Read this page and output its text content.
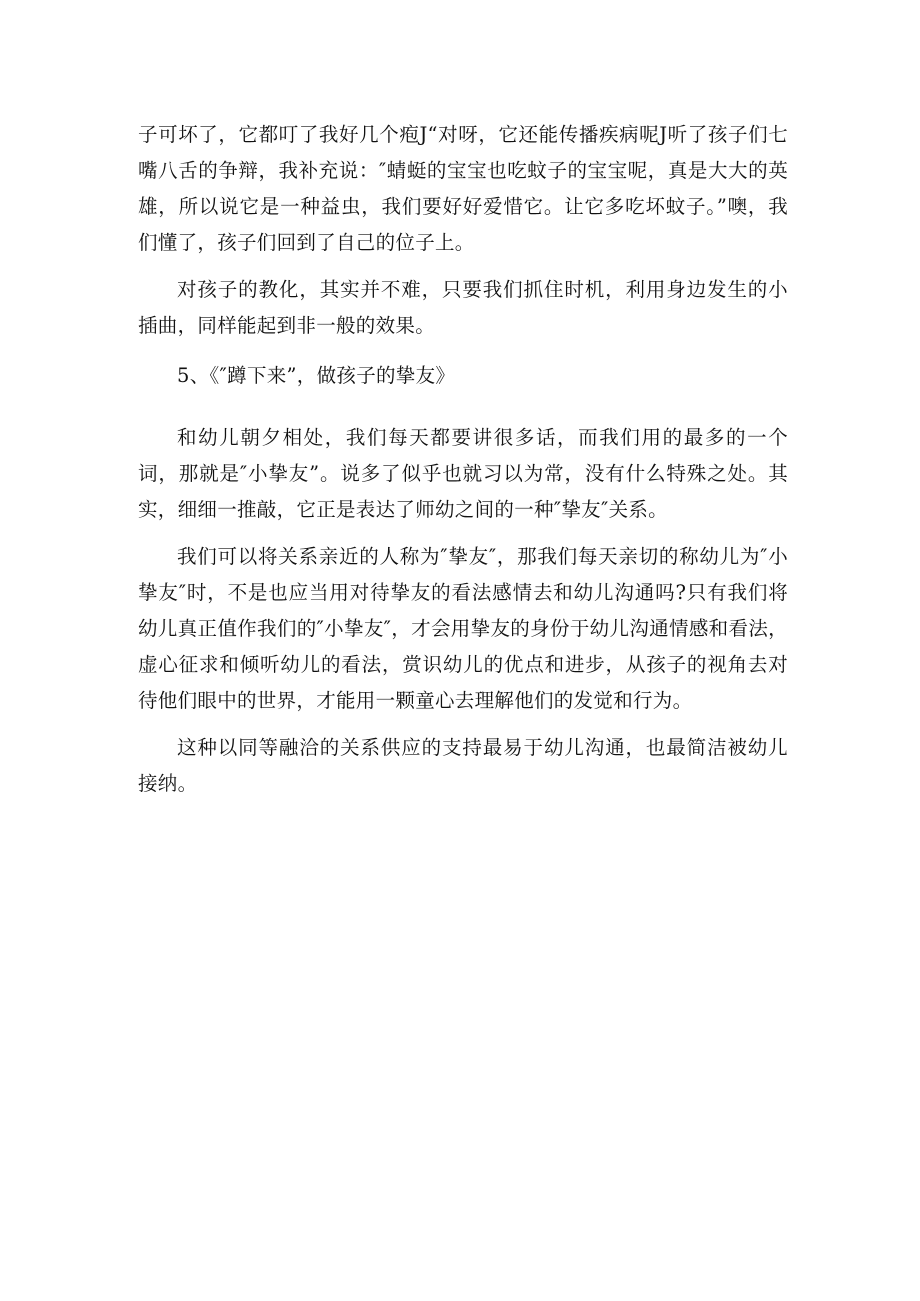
子可坏了，它都叮了我好几个疱J“对呀，它还能传播疾病呢J听了孩子们七嘴八舌的争辩，我补充说：″蜻蜓的宝宝也吃蚊子的宝宝呢，真是大大的英雄，所以说它是一种益虫，我们要好好爱惜它。让它多吃坏蚊子。”噢，我们懂了，孩子们回到了自己的位子上。

对孩子的教化，其实并不难，只要我们抓住时机，利用身边发生的小插曲，同样能起到非一般的效果。

5、《″蹲下来”，做孩子的挚友》

和幼儿朝夕相处，我们每天都要讲很多话，而我们用的最多的一个词，那就是″小挚友”。说多了似乎也就习以为常，没有什么特殊之处。其实，细细一推敲，它正是表达了师幼之间的一种″挚友″关系。

我们可以将关系亲近的人称为″挚友″，那我们每天亲切的称幼儿为″小挚友″时，不是也应当用对待挚友的看法感情去和幼儿沟通吗?只有我们将幼儿真正值作我们的″小挚友″，才会用挚友的身份于幼儿沟通情感和看法，虚心征求和倾听幼儿的看法，赏识幼儿的优点和进步，从孩子的视角去对待他们眼中的世界，才能用一颗童心去理解他们的发觉和行为。

这种以同等融洽的关系供应的支持最易于幼儿沟通，也最简洁被幼儿接纳。
